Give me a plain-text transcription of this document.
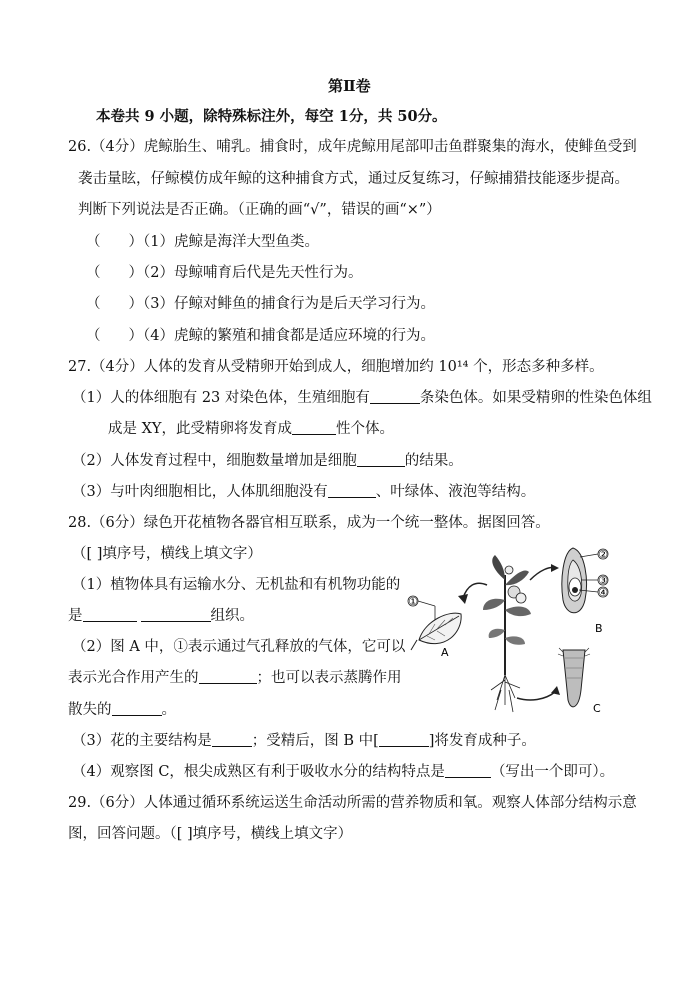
第Ⅱ卷
本卷共 9 小题，除特殊标注外，每空 1分，共 50分。
26.（4分）虎鲸胎生、哺乳。捕食时，成年虎鲸用尾部叩击鱼群聚集的海水，使鲱鱼受到
袭击量眩，仔鲸模仿成年鲸的这种捕食方式，通过反复练习，仔鲸捕猎技能逐步提高。
判断下列说法是否正确。（正确的画“√”，错误的画“×”）
（ ）（1）虎鲸是海洋大型鱼类。
（ ）（2）母鲸哺育后代是先天性行为。
（ ）（3）仔鲸对鲱鱼的捕食行为是后天学习行为。
（ ）（4）虎鲸的繁殖和捕食都是适应环境的行为。
27.（4分）人体的发育从受精卵开始到成人，细胞增加约 10¹⁴ 个，形态多种多样。
（1）人的体细胞有 23 对染色体，生殖细胞有	条染色体。如果受精卵的性染色体组
成是 XY，此受精卵将发育成	性个体。
（2）人体发育过程中，细胞数量增加是细胞	的结果。
（3）与叶肉细胞相比，人体肌细胞没有	、叶绿体、液泡等结构。
28.（6分）绿色开花植物各器官相互联系，成为一个统一整体。据图回答。
（[ ]填序号，横线上填文字）
（1）植物体具有运输水分、无机盐和有机物功能的
是	组织。
（2）图 A 中，①表示通过气孔释放的气体，它可以
表示光合作用产生的	；也可以表示蒸腾作用
散失的	。
（3）花的主要结构是	；受精后，图 B 中[	]将发育成种子。
（4）观察图 C，根尖成熟区有利于吸收水分的结构特点是	（写出一个即可）。
29.（6分）人体通过循环系统运送生命活动所需的营养物质和氧。观察人体部分结构示意
图，回答问题。（[ ]填序号，横线上填文字）
①
A
②
③
④
B
C
